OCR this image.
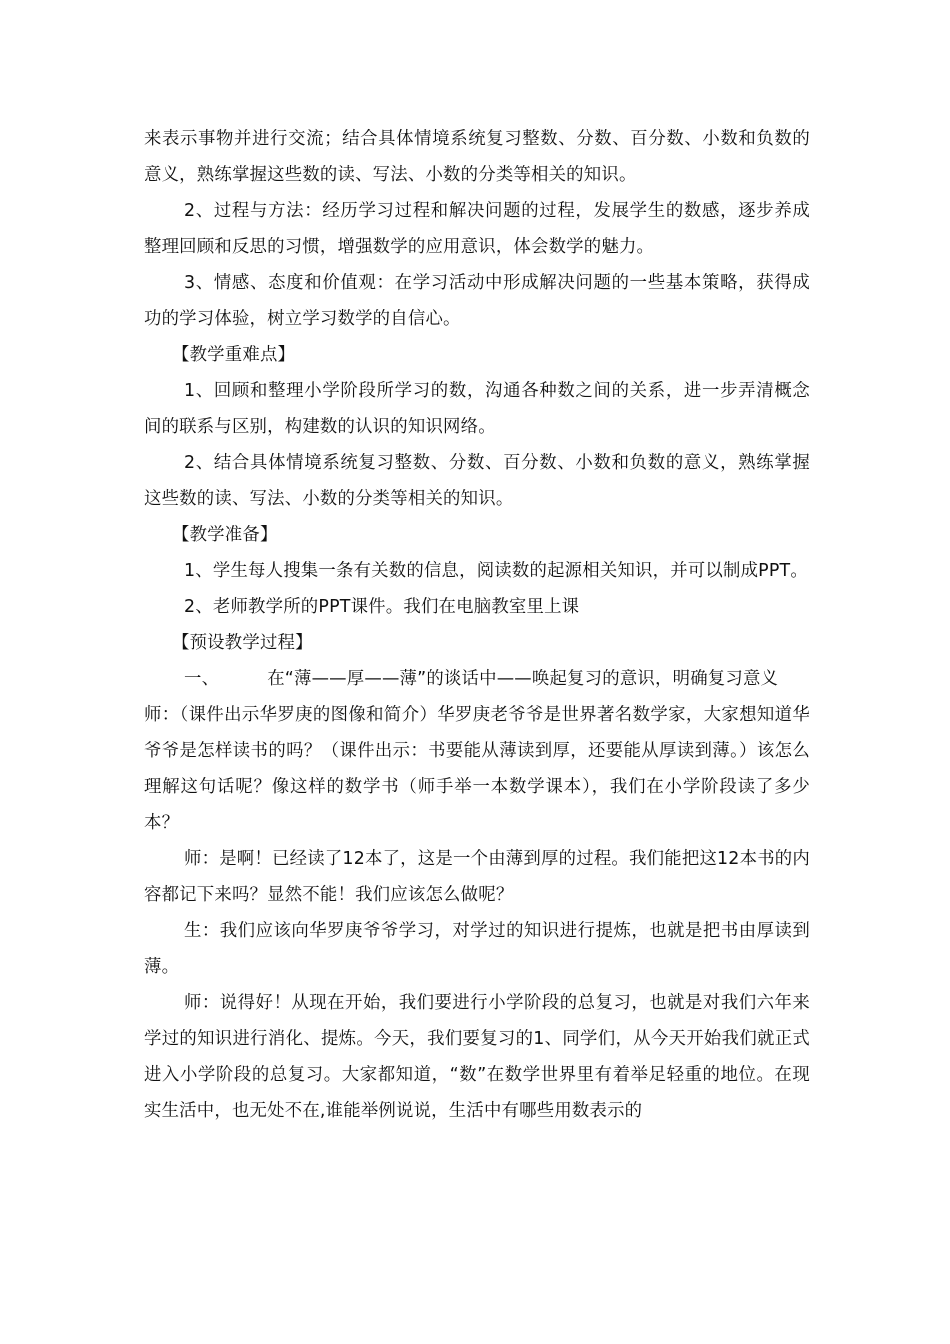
来表示事物并进行交流；结合具体情境系统复习整数、分数、百分数、小数和负数的意义，熟练掌握这些数的读、写法、小数的分类等相关的知识。

2、过程与方法：经历学习过程和解决问题的过程，发展学生的数感，逐步养成整理回顾和反思的习惯，增强数学的应用意识，体会数学的魅力。

3、情感、态度和价值观：在学习活动中形成解决问题的一些基本策略，获得成功的学习体验，树立学习数学的自信心。

【教学重难点】

1、回顾和整理小学阶段所学习的数，沟通各种数之间的关系，进一步弄清概念间的联系与区别，构建数的认识的知识网络。

2、结合具体情境系统复习整数、分数、百分数、小数和负数的意义，熟练掌握这些数的读、写法、小数的分类等相关的知识。

【教学准备】

1、学生每人搜集一条有关数的信息，阅读数的起源相关知识，并可以制成PPT。

2、老师教学所的PPT课件。我们在电脑教室里上课

【预设教学过程】

一、	在“薄——厚——薄”的谈话中——唤起复习的意识，明确复习意义

师：（课件出示华罗庚的图像和简介）华罗庚老爷爷是世界著名数学家，大家想知道华爷爷是怎样读书的吗？（课件出示：书要能从薄读到厚，还要能从厚读到薄。）该怎么理解这句话呢？像这样的数学书（师手举一本数学课本），我们在小学阶段读了多少本？

师：是啊！已经读了12本了，这是一个由薄到厚的过程。我们能把这12本书的内容都记下来吗？显然不能！我们应该怎么做呢？

生：我们应该向华罗庚爷爷学习，对学过的知识进行提炼，也就是把书由厚读到薄。

师：说得好！从现在开始，我们要进行小学阶段的总复习，也就是对我们六年来学过的知识进行消化、提炼。今天，我们要复习的1、同学们，从今天开始我们就正式进入小学阶段的总复习。大家都知道，“数”在数学世界里有着举足轻重的地位。在现实生活中，也无处不在,谁能举例说说，生活中有哪些用数表示的
